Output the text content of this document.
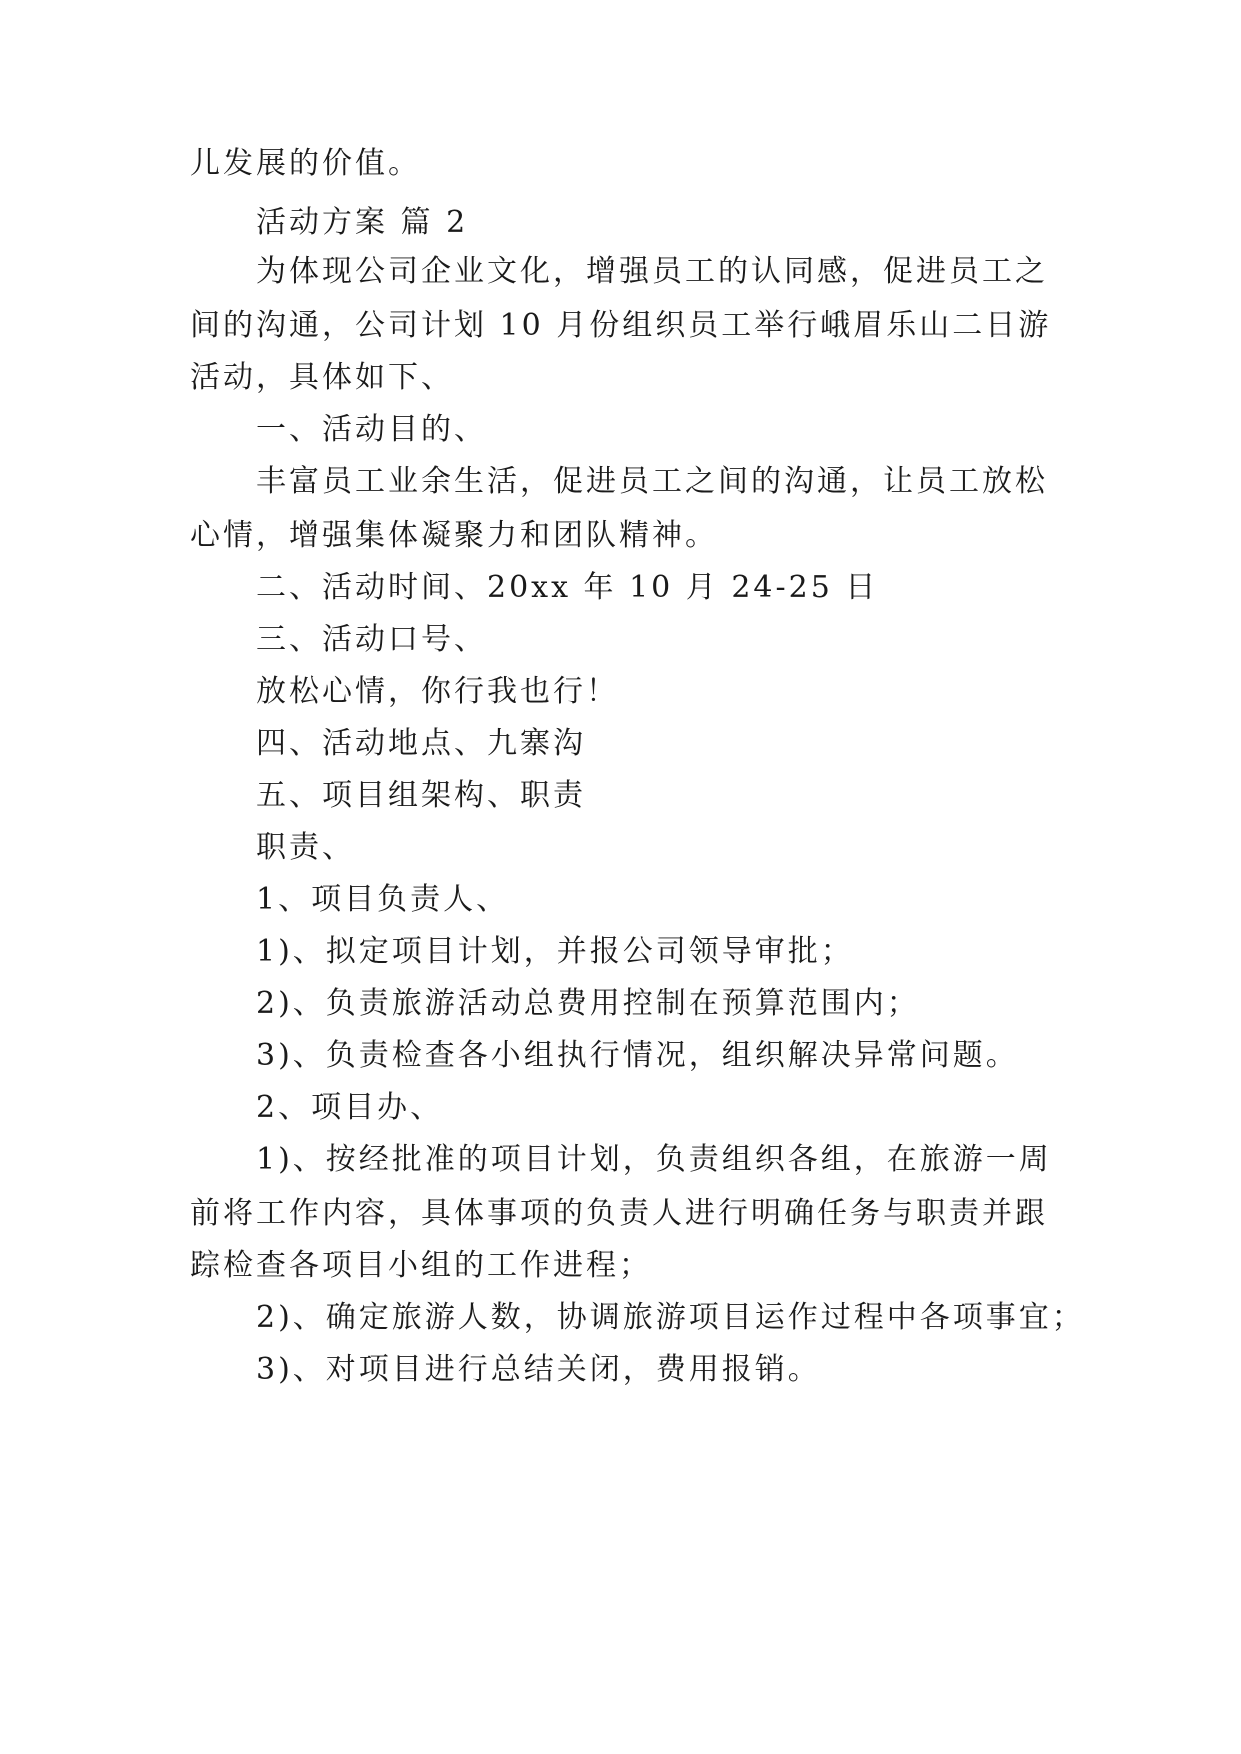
儿发展的价值。

活动方案 篇 2

为体现公司企业文化，增强员工的认同感，促进员工之

间的沟通，公司计划 10 月份组织员工举行峨眉乐山二日游

活动，具体如下、

一、活动目的、

丰富员工业余生活，促进员工之间的沟通，让员工放松

心情，增强集体凝聚力和团队精神。

二、活动时间、20xx 年 10 月 24-25 日

三、活动口号、

放松心情，你行我也行！

四、活动地点、九寨沟

五、项目组架构、职责

职责、

1、项目负责人、

1)、拟定项目计划，并报公司领导审批；

2)、负责旅游活动总费用控制在预算范围内；

3)、负责检查各小组执行情况，组织解决异常问题。

2、项目办、

1)、按经批准的项目计划，负责组织各组，在旅游一周

前将工作内容，具体事项的负责人进行明确任务与职责并跟

踪检查各项目小组的工作进程；

2)、确定旅游人数，协调旅游项目运作过程中各项事宜；

3)、对项目进行总结关闭，费用报销。
